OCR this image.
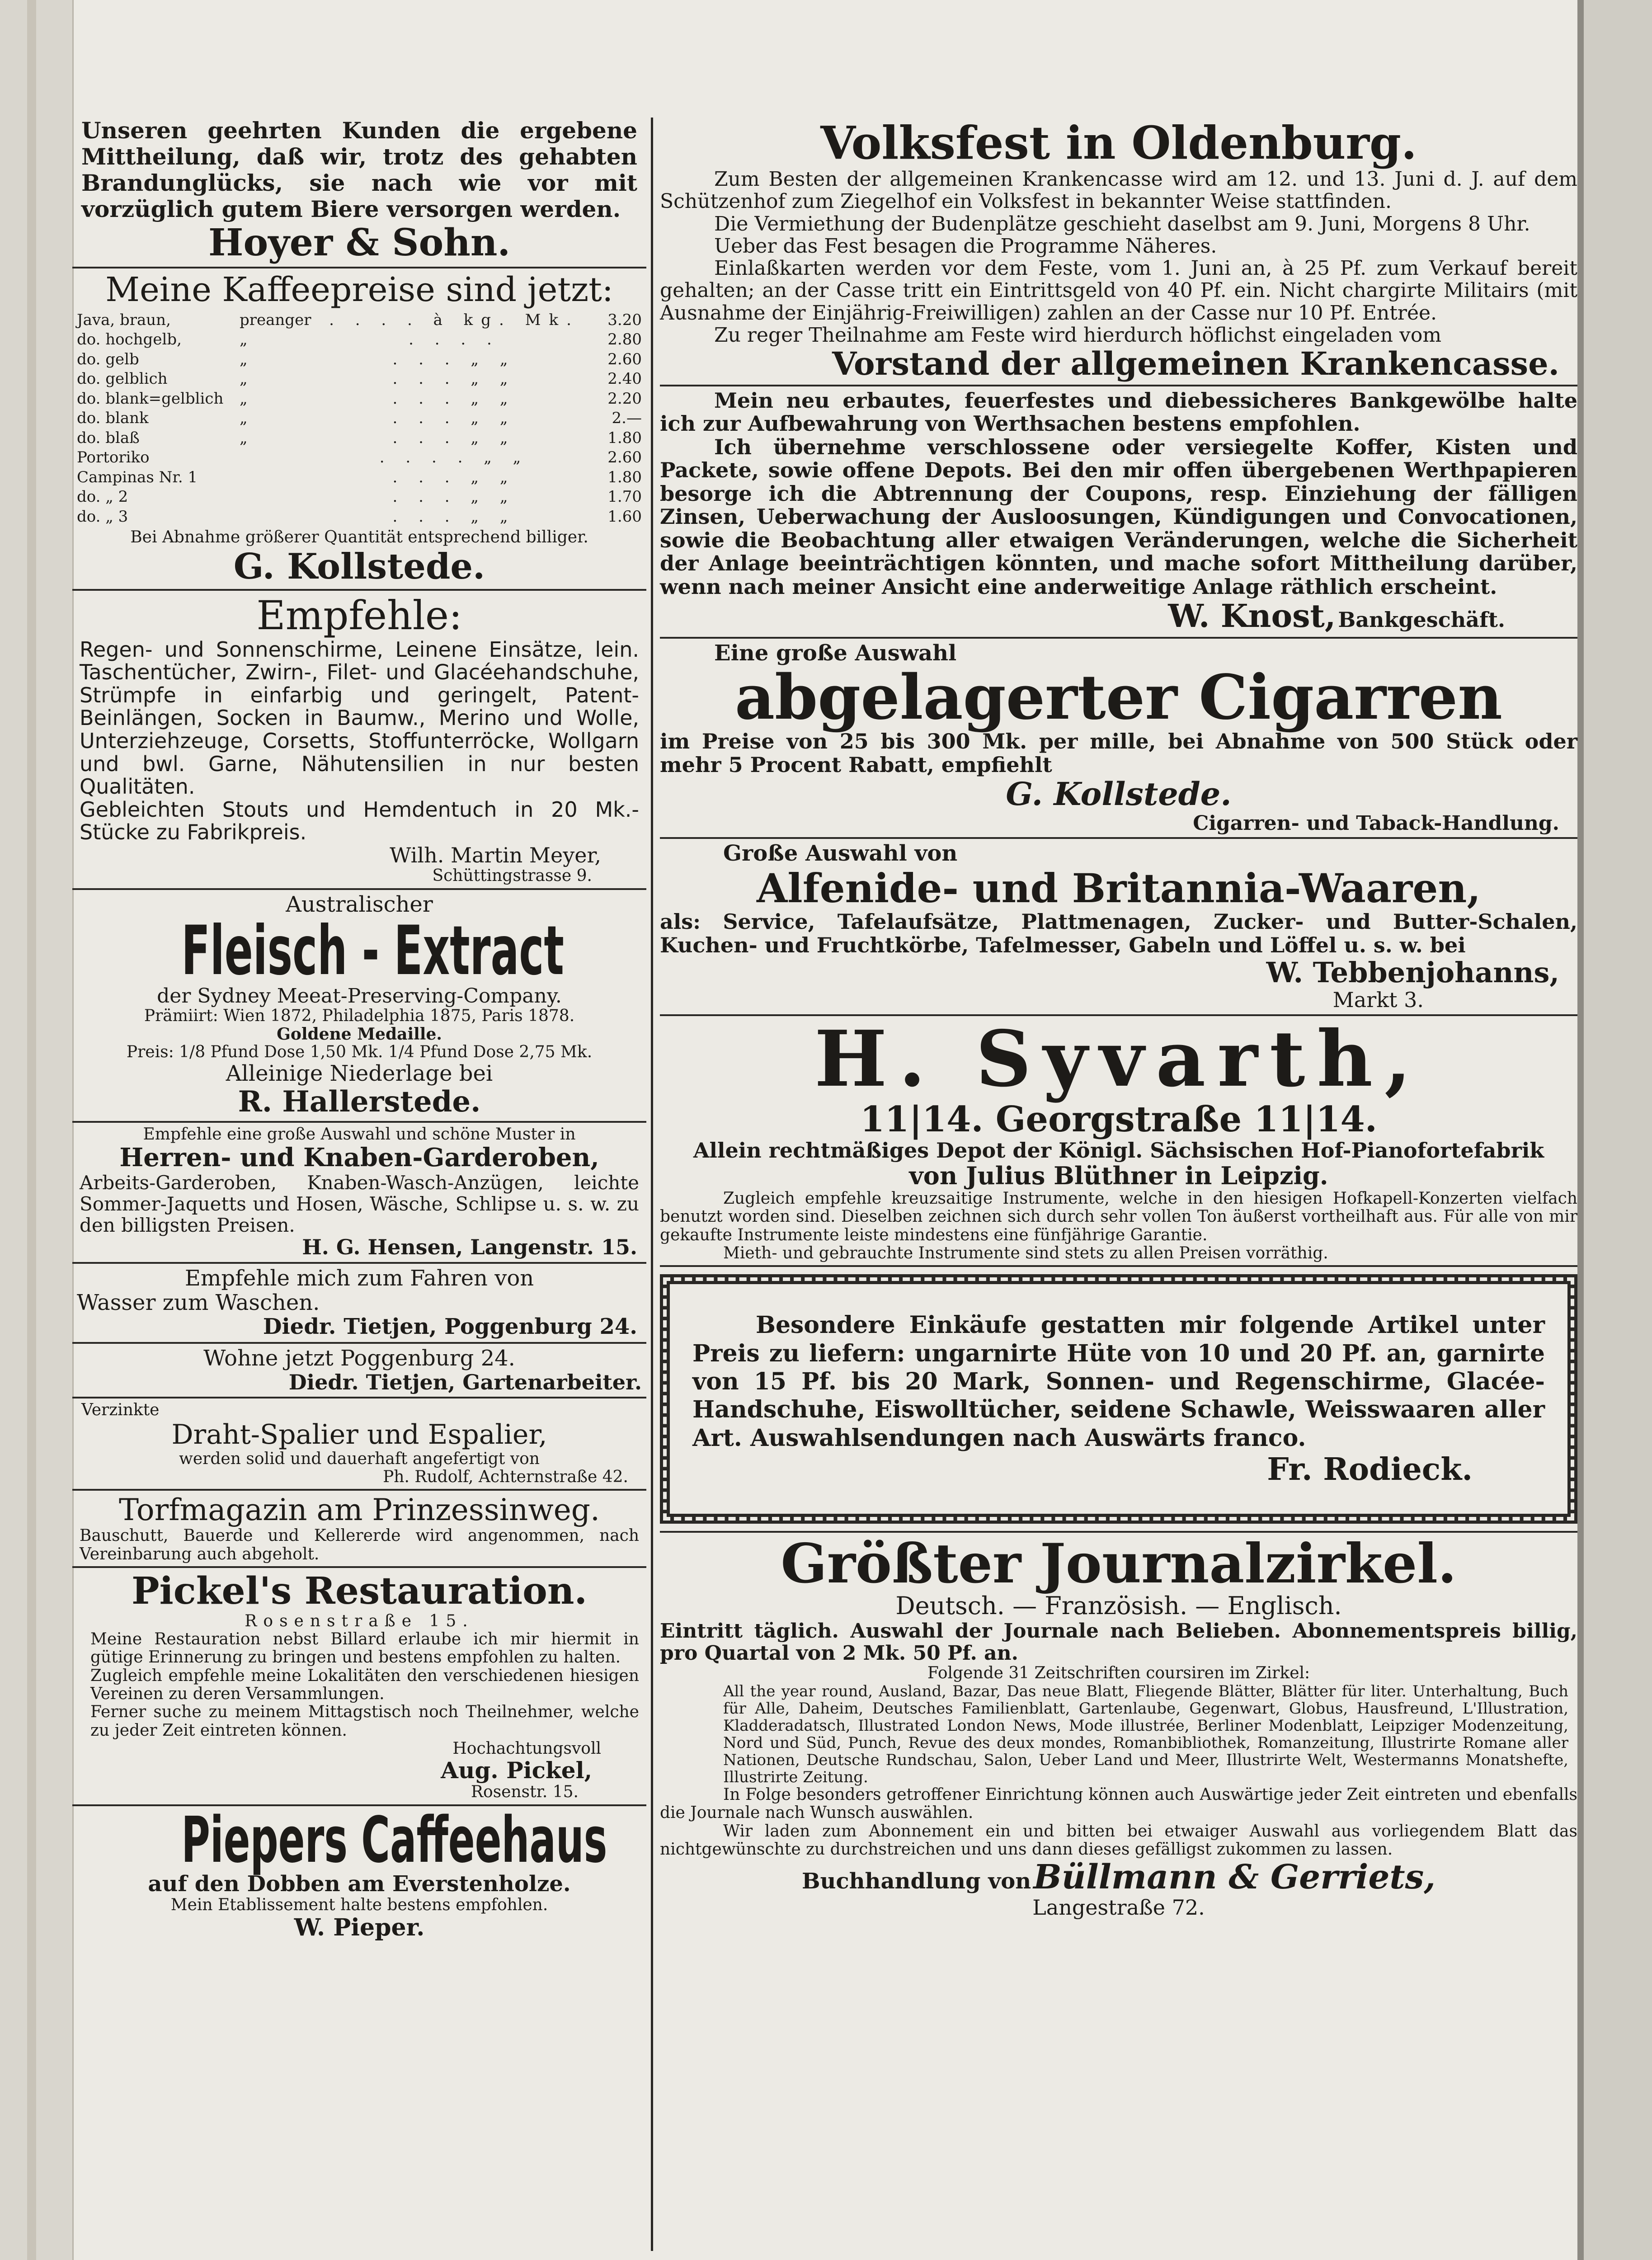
Unseren geehrten Kunden die ergebene Mittheilung, daß wir, trotz des gehabten Brandunglücks, sie nach wie vor mit vorzüglich gutem Biere versorgen werden.

Hoyer & Sohn.

Meine Kaffeepreise sind jetzt:

Java, braun,	preanger	. . . . à kg. Mk.	3.20
do. hochgelb,	„	. . . .	2.80
do. gelb	„	. . . „ „	2.60
do. gelblich	„	. . . „ „	2.40
do. blank=gelblich	„	. . . „ „	2.20
do. blank	„	. . . „ „	2.—
do. blaß	„	. . . „ „	1.80
Portoriko	. . . . „ „	2.60
Campinas Nr. 1	. . . „ „	1.80
do. „ 2	. . . „ „	1.70
do. „ 3	. . . „ „	1.60

Bei Abnahme größerer Quantität entsprechend billiger.

G. Kollstede.

Empfehle:

Regen- und Sonnenschirme, Leinene Einsätze, lein. Taschentücher, Zwirn-, Filet- und Glacéehandschuhe, Strümpfe in einfarbig und geringelt, Patent-Beinlängen, Socken in Baumw., Merino und Wolle, Unterziehzeuge, Corsetts, Stoffunterröcke, Wollgarn und bwl. Garne, Nähutensilien in nur besten Qualitäten.

Gebleichten Stouts und Hemdentuch in 20 Mk.-Stücke zu Fabrikpreis.

Wilh. Martin Meyer,

Schüttingstrasse 9.

Australischer

Fleisch - Extract

der Sydney Meeat-Preserving-Company.

Prämiirt: Wien 1872, Philadelphia 1875, Paris 1878.

Goldene Medaille.

Preis: 1/8 Pfund Dose 1,50 Mk. 1/4 Pfund Dose 2,75 Mk.

Alleinige Niederlage bei

R. Hallerstede.

Empfehle eine große Auswahl und schöne Muster in

Herren- und Knaben-Garderoben,

Arbeits-Garderoben, Knaben-Wasch-Anzügen, leichte Sommer-Jaquetts und Hosen, Wäsche, Schlipse u. s. w. zu den billigsten Preisen.

H. G. Hensen, Langenstr. 15.

Empfehle mich zum Fahren von

Wasser zum Waschen.

Diedr. Tietjen, Poggenburg 24.

Wohne jetzt Poggenburg 24.

Diedr. Tietjen, Gartenarbeiter.

Verzinkte

Draht-Spalier und Espalier,

werden solid und dauerhaft angefertigt von

Ph. Rudolf, Achternstraße 42.

Torfmagazin am Prinzessinweg.

Bauschutt, Bauerde und Kellererde wird angenommen, nach Vereinbarung auch abgeholt.

Pickel's Restauration.

Rosenstraße 15.

Meine Restauration nebst Billard erlaube ich mir hiermit in gütige Erinnerung zu bringen und bestens empfohlen zu halten.

Zugleich empfehle meine Lokalitäten den verschiedenen hiesigen Vereinen zu deren Versammlungen.

Ferner suche zu meinem Mittagstisch noch Theilnehmer, welche zu jeder Zeit eintreten können.

Hochachtungsvoll

Aug. Pickel,

Rosenstr. 15.

Piepers Caffeehaus

auf den Dobben am Everstenholze.

Mein Etablissement halte bestens empfohlen.

W. Pieper.

Volksfest in Oldenburg.

Zum Besten der allgemeinen Krankencasse wird am 12. und 13. Juni d. J. auf dem Schützenhof zum Ziegelhof ein Volksfest in bekannter Weise stattfinden.

Die Vermiethung der Budenplätze geschieht daselbst am 9. Juni, Morgens 8 Uhr.

Ueber das Fest besagen die Programme Näheres.

Einlaßkarten werden vor dem Feste, vom 1. Juni an, à 25 Pf. zum Verkauf bereit gehalten; an der Casse tritt ein Eintrittsgeld von 40 Pf. ein. Nicht chargirte Militairs (mit Ausnahme der Einjährig-Freiwilligen) zahlen an der Casse nur 10 Pf. Entrée.

Zu reger Theilnahme am Feste wird hierdurch höflichst eingeladen vom

Vorstand der allgemeinen Krankencasse.

Mein neu erbautes, feuerfestes und diebessicheres Bankgewölbe halte ich zur Aufbewahrung von Werthsachen bestens empfohlen.

Ich übernehme verschlossene oder versiegelte Koffer, Kisten und Packete, sowie offene Depots. Bei den mir offen übergebenen Werthpapieren besorge ich die Abtrennung der Coupons, resp. Einziehung der fälligen Zinsen, Ueberwachung der Ausloosungen, Kündigungen und Convocationen, sowie die Beobachtung aller etwaigen Veränderungen, welche die Sicherheit der Anlage beeinträchtigen könnten, und mache sofort Mittheilung darüber, wenn nach meiner Ansicht eine anderweitige Anlage räthlich erscheint.

W. Knost, Bankgeschäft.

Eine große Auswahl

abgelagerter Cigarren

im Preise von 25 bis 300 Mk. per mille, bei Abnahme von 500 Stück oder mehr 5 Procent Rabatt, empfiehlt

G. Kollstede.

Cigarren- und Taback-Handlung.

Große Auswahl von

Alfenide- und Britannia-Waaren,

als: Service, Tafelaufsätze, Plattmenagen, Zucker- und Butter-Schalen, Kuchen- und Fruchtkörbe, Tafelmesser, Gabeln und Löffel u. s. w. bei

W. Tebbenjohanns,

Markt 3.

H. Syvarth,

11|14. Georgstraße 11|14.

Allein rechtmäßiges Depot der Königl. Sächsischen Hof-Pianofortefabrik

von Julius Blüthner in Leipzig.

Zugleich empfehle kreuzsaitige Instrumente, welche in den hiesigen Hofkapell-Konzerten vielfach benutzt worden sind. Dieselben zeichnen sich durch sehr vollen Ton äußerst vortheilhaft aus. Für alle von mir gekaufte Instrumente leiste mindestens eine fünfjährige Garantie.

Mieth- und gebrauchte Instrumente sind stets zu allen Preisen vorräthig.

Besondere Einkäufe gestatten mir folgende Artikel unter Preis zu liefern: ungarnirte Hüte von 10 und 20 Pf. an, garnirte von 15 Pf. bis 20 Mark, Sonnen- und Regenschirme, Glacée-Handschuhe, Eiswolltücher, seidene Schawle, Weisswaaren aller Art. Auswahlsendungen nach Auswärts franco.

Fr. Rodieck.

Größter Journalzirkel.

Deutsch. — Französish. — Englisch.

Eintritt täglich. Auswahl der Journale nach Belieben. Abonnementspreis billig, pro Quartal von 2 Mk. 50 Pf. an.

Folgende 31 Zeitschriften coursiren im Zirkel:

All the year round, Ausland, Bazar, Das neue Blatt, Fliegende Blätter, Blätter für liter. Unterhaltung, Buch für Alle, Daheim, Deutsches Familienblatt, Gartenlaube, Gegenwart, Globus, Hausfreund, L'Illustration, Kladderadatsch, Illustrated London News, Mode illustrée, Berliner Modenblatt, Leipziger Modenzeitung, Nord und Süd, Punch, Revue des deux mondes, Romanbibliothek, Romanzeitung, Illustrirte Romane aller Nationen, Deutsche Rundschau, Salon, Ueber Land und Meer, Illustrirte Welt, Westermanns Monatshefte, Illustrirte Zeitung.

In Folge besonders getroffener Einrichtung können auch Auswärtige jeder Zeit eintreten und ebenfalls die Journale nach Wunsch auswählen.

Wir laden zum Abonnement ein und bitten bei etwaiger Auswahl aus vorliegendem Blatt das nichtgewünschte zu durchstreichen und uns dann dieses gefälligst zukommen zu lassen.

Buchhandlung von Büllmann & Gerriets,

Langestraße 72.
